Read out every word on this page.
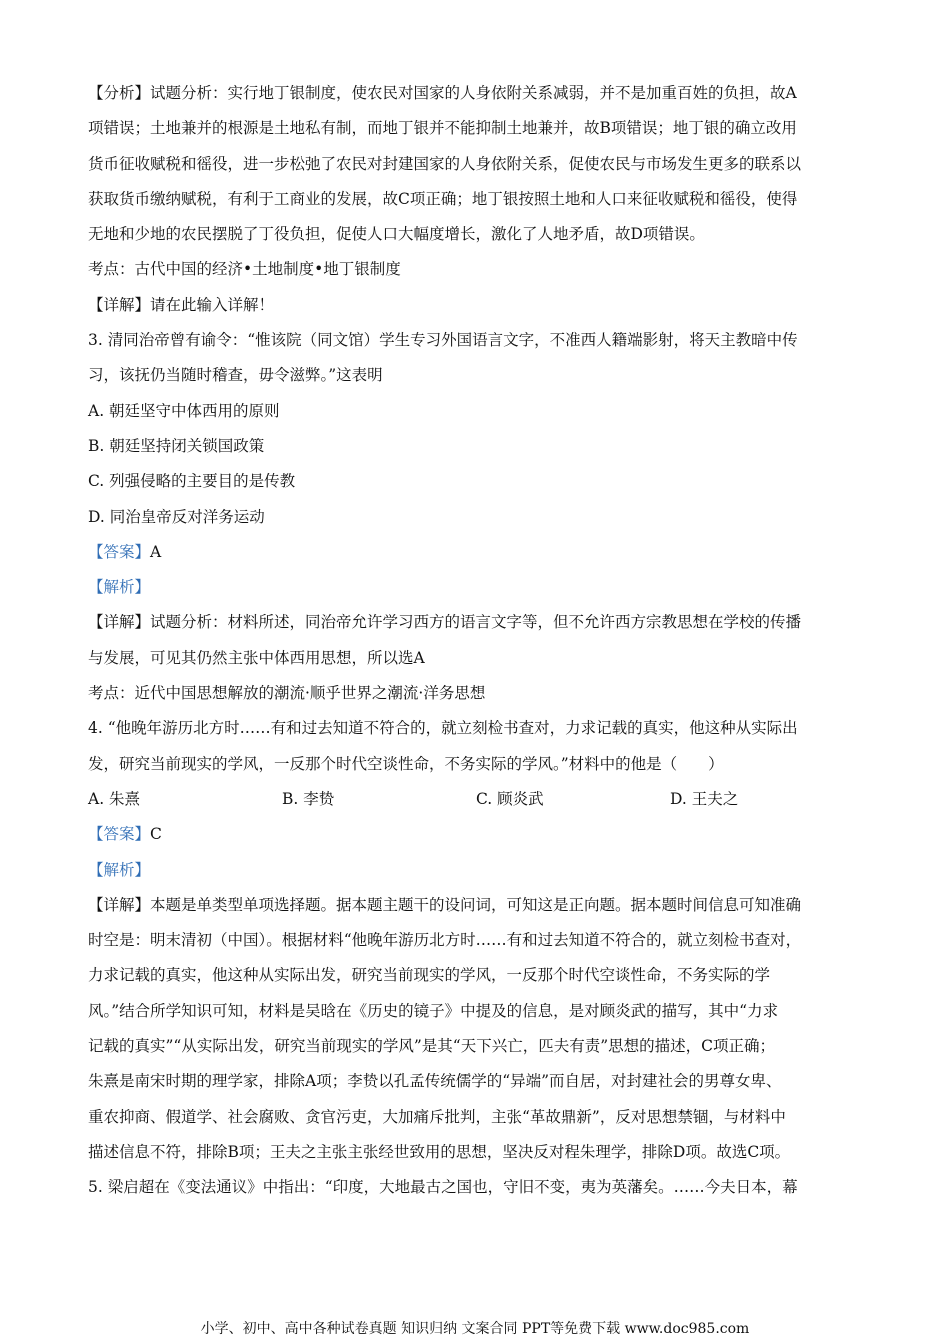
【分析】试题分析：实行地丁银制度，使农民对国家的人身依附关系减弱，并不是加重百姓的负担，故A
项错误；土地兼并的根源是土地私有制，而地丁银并不能抑制土地兼并，故B项错误；地丁银的确立改用
货币征收赋税和徭役，进一步松弛了农民对封建国家的人身依附关系，促使农民与市场发生更多的联系以
获取货币缴纳赋税，有利于工商业的发展，故C项正确；地丁银按照土地和人口来征收赋税和徭役，使得
无地和少地的农民摆脱了丁役负担，促使人口大幅度增长，激化了人地矛盾，故D项错误。
考点：古代中国的经济•土地制度•地丁银制度
【详解】请在此输入详解！
3. 清同治帝曾有谕令：“惟该院（同文馆）学生专习外国语言文字，不准西人籍端影射，将天主教暗中传
习，该抚仍当随时稽查，毋令滋弊。”这表明
A. 朝廷坚守中体西用的原则
B. 朝廷坚持闭关锁国政策
C. 列强侵略的主要目的是传教
D. 同治皇帝反对洋务运动
【答案】A
【解析】
【详解】试题分析：材料所述，同治帝允许学习西方的语言文字等，但不允许西方宗教思想在学校的传播
与发展，可见其仍然主张中体西用思想，所以选A
考点：近代中国思想解放的潮流·顺乎世界之潮流·洋务思想
4. “他晚年游历北方时……有和过去知道不符合的，就立刻检书查对，力求记载的真实，他这种从实际出
发，研究当前现实的学风，一反那个时代空谈性命，不务实际的学风。”材料中的他是（　　）
A. 朱熹	B. 李贽	C. 顾炎武	D. 王夫之
【答案】C
【解析】
【详解】本题是单类型单项选择题。据本题主题干的设问词，可知这是正向题。据本题时间信息可知准确
时空是：明末清初（中国）。根据材料“他晚年游历北方时……有和过去知道不符合的，就立刻检书查对，
力求记载的真实，他这种从实际出发，研究当前现实的学风，一反那个时代空谈性命，不务实际的学
风。”结合所学知识可知，材料是吴晗在《历史的镜子》中提及的信息，是对顾炎武的描写，其中“力求
记载的真实”“从实际出发，研究当前现实的学风”是其“天下兴亡，匹夫有责”思想的描述，C项正确；
朱熹是南宋时期的理学家，排除A项；李贽以孔孟传统儒学的“异端”而自居，对封建社会的男尊女卑、
重农抑商、假道学、社会腐败、贪官污吏，大加痛斥批判，主张“革故鼎新”，反对思想禁锢，与材料中
描述信息不符，排除B项；王夫之主张主张经世致用的思想，坚决反对程朱理学，排除D项。故选C项。
5. 梁启超在《变法通议》中指出：“印度，大地最古之国也，守旧不变，夷为英藩矣。……今夫日本，幕
小学、初中、高中各种试卷真题 知识归纳 文案合同 PPT等免费下载 www.doc985.com
